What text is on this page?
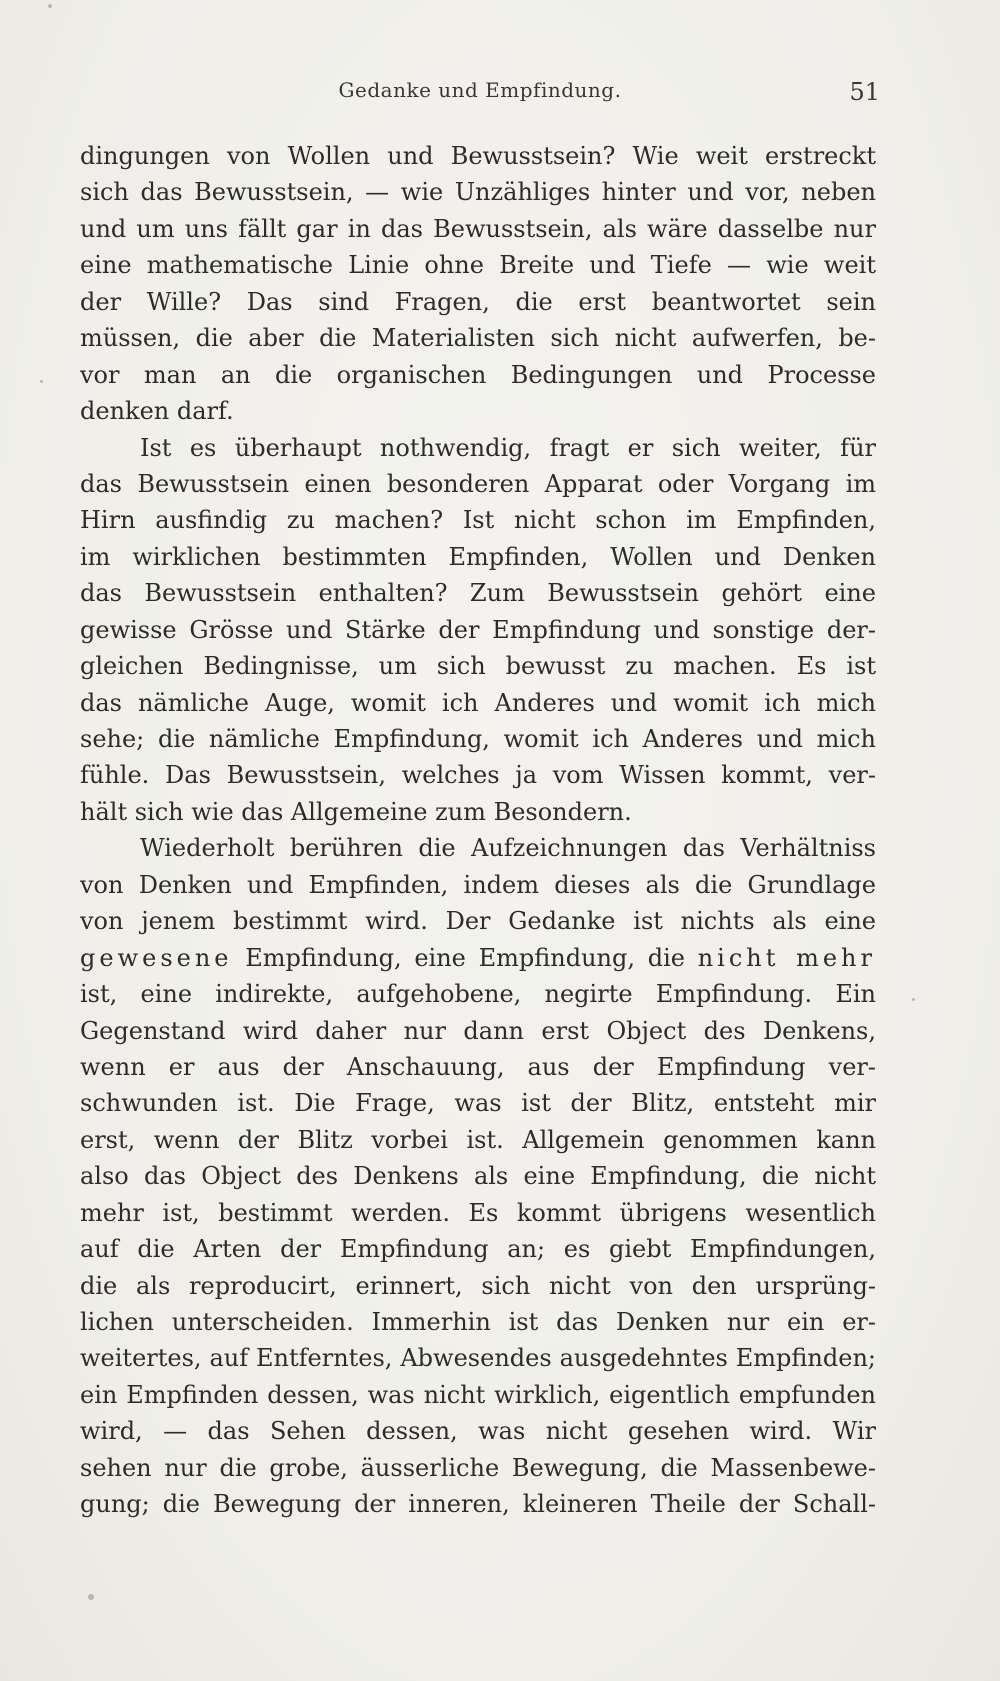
Gedanke und Empfindung.	51
dingungen von Wollen und Bewusstsein? Wie weit erstreckt
sich das Bewusstsein, — wie Unzähliges hinter und vor, neben
und um uns fällt gar in das Bewusstsein, als wäre dasselbe nur
eine mathematische Linie ohne Breite und Tiefe — wie weit
der Wille? Das sind Fragen, die erst beantwortet sein
müssen, die aber die Materialisten sich nicht aufwerfen, be-
vor man an die organischen Bedingungen und Processe
denken darf.
Ist es überhaupt nothwendig, fragt er sich weiter, für
das Bewusstsein einen besonderen Apparat oder Vorgang im
Hirn ausfindig zu machen? Ist nicht schon im Empfinden,
im wirklichen bestimmten Empfinden, Wollen und Denken
das Bewusstsein enthalten? Zum Bewusstsein gehört eine
gewisse Grösse und Stärke der Empfindung und sonstige der-
gleichen Bedingnisse, um sich bewusst zu machen. Es ist
das nämliche Auge, womit ich Anderes und womit ich mich
sehe; die nämliche Empfindung, womit ich Anderes und mich
fühle. Das Bewusstsein, welches ja vom Wissen kommt, ver-
hält sich wie das Allgemeine zum Besondern.
Wiederholt berühren die Aufzeichnungen das Verhältniss
von Denken und Empfinden, indem dieses als die Grundlage
von jenem bestimmt wird. Der Gedanke ist nichts als eine
gewesene Empfindung, eine Empfindung, die nicht mehr
ist, eine indirekte, aufgehobene, negirte Empfindung. Ein
Gegenstand wird daher nur dann erst Object des Denkens,
wenn er aus der Anschauung, aus der Empfindung ver-
schwunden ist. Die Frage, was ist der Blitz, entsteht mir
erst, wenn der Blitz vorbei ist. Allgemein genommen kann
also das Object des Denkens als eine Empfindung, die nicht
mehr ist, bestimmt werden. Es kommt übrigens wesentlich
auf die Arten der Empfindung an; es giebt Empfindungen,
die als reproducirt, erinnert, sich nicht von den ursprüng-
lichen unterscheiden. Immerhin ist das Denken nur ein er-
weitertes, auf Entferntes, Abwesendes ausgedehntes Empfinden;
ein Empfinden dessen, was nicht wirklich, eigentlich empfunden
wird, — das Sehen dessen, was nicht gesehen wird. Wir
sehen nur die grobe, äusserliche Bewegung, die Massenbewe-
gung; die Bewegung der inneren, kleineren Theile der Schall-
